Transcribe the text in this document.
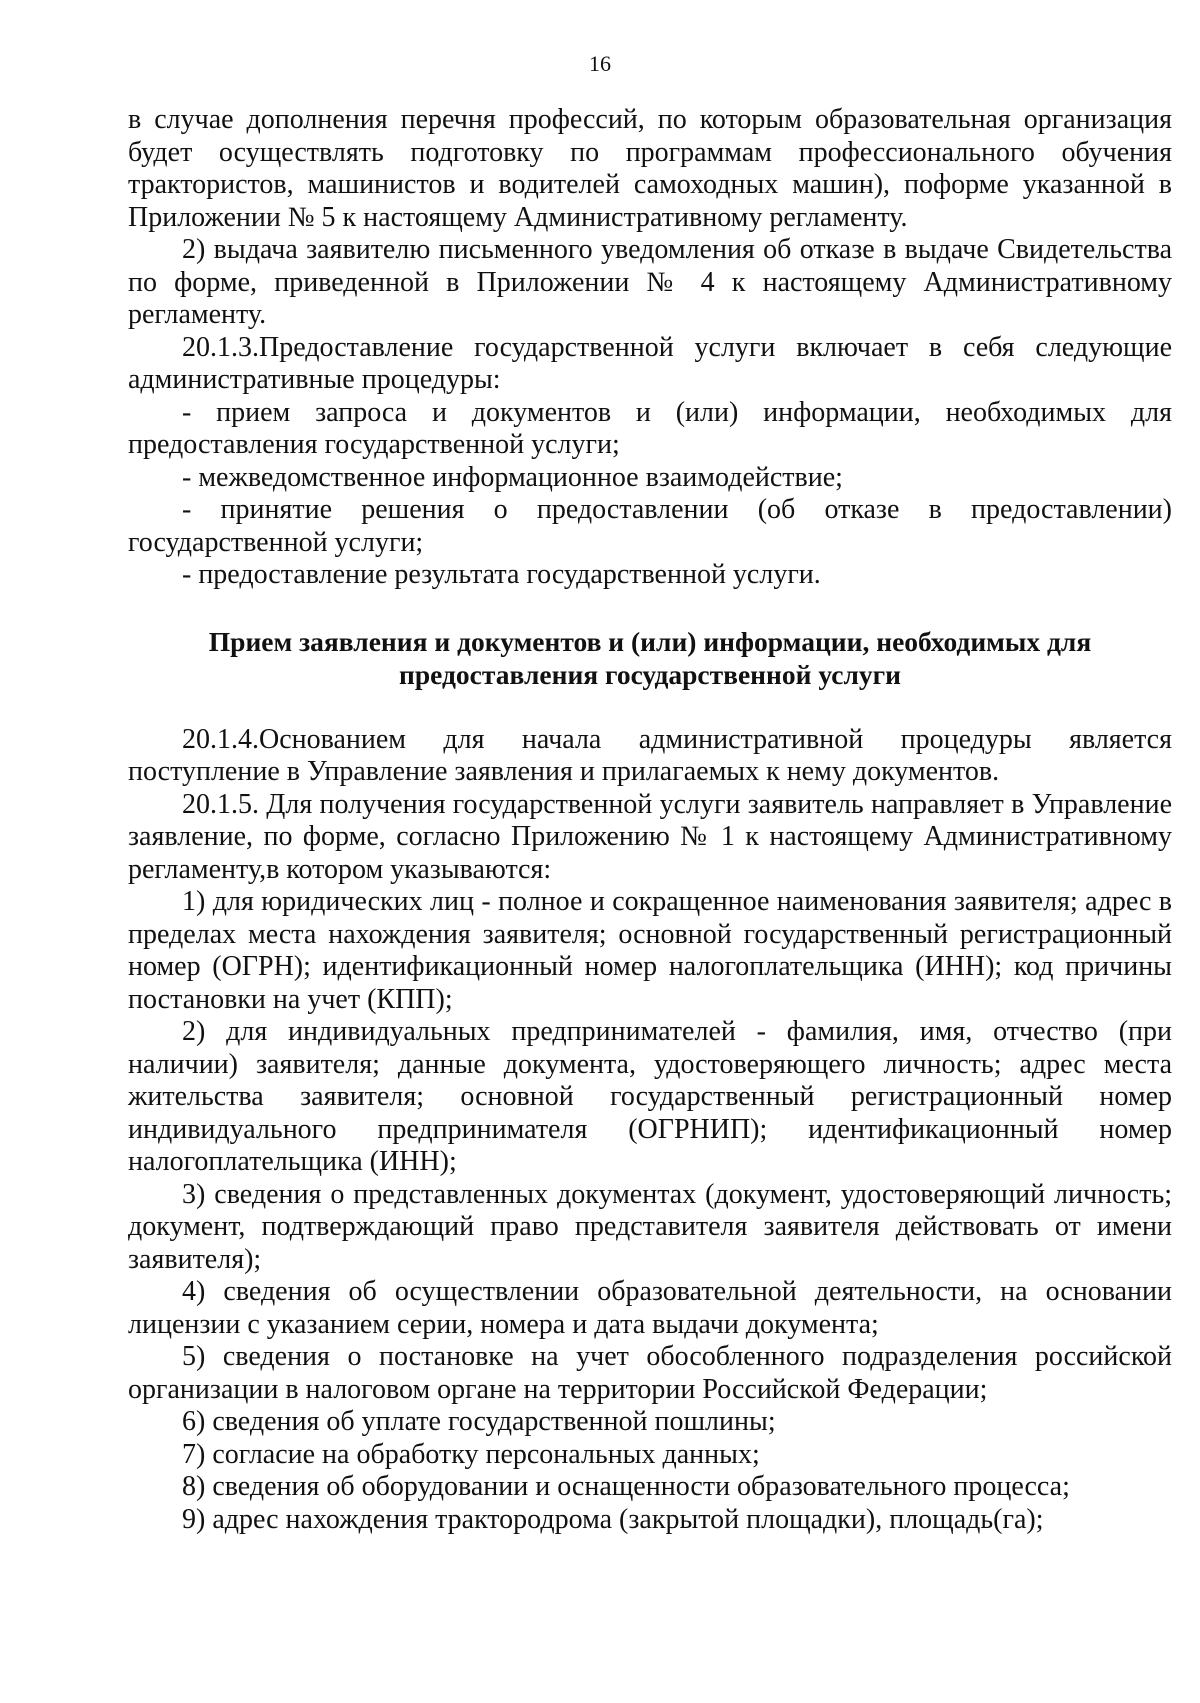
16

в случае дополнения перечня профессий, по которым образовательная организация будет осуществлять подготовку по программам профессионального обучения трактористов, машинистов и водителей самоходных машин), поформе указанной в Приложении № 5 к настоящему Административному регламенту.

2) выдача заявителю письменного уведомления об отказе в выдаче Свидетельства по форме, приведенной в Приложении № 4 к настоящему Административному регламенту.

20.1.3.Предоставление государственной услуги включает в себя следующие административные процедуры:

- прием запроса и документов и (или) информации, необходимых для предоставления государственной услуги;

- межведомственное информационное взаимодействие;

- принятие решения о предоставлении (об отказе в предоставлении) государственной услуги;

- предоставление результата государственной услуги.

Прием заявления и документов и (или) информации, необходимых для предоставления государственной услуги

20.1.4.Основанием для начала административной процедуры является поступление в Управление заявления и прилагаемых к нему документов.

20.1.5. Для получения государственной услуги заявитель направляет в Управление заявление, по форме, согласно Приложению № 1 к настоящему Административному регламенту,в котором указываются:

1) для юридических лиц - полное и сокращенное наименования заявителя; адрес в пределах места нахождения заявителя; основной государственный регистрационный номер (ОГРН); идентификационный номер налогоплательщика (ИНН); код причины постановки на учет (КПП);

2) для индивидуальных предпринимателей - фамилия, имя, отчество (при наличии) заявителя; данные документа, удостоверяющего личность; адрес места жительства заявителя; основной государственный регистрационный номер индивидуального предпринимателя (ОГРНИП); идентификационный номер налогоплательщика (ИНН);

3) сведения о представленных документах (документ, удостоверяющий личность; документ, подтверждающий право представителя заявителя действовать от имени заявителя);

4) сведения об осуществлении образовательной деятельности, на основании лицензии с указанием серии, номера и дата выдачи документа;

5) сведения о постановке на учет обособленного подразделения российской организации в налоговом органе на территории Российской Федерации;

6) сведения об уплате государственной пошлины;

7) согласие на обработку персональных данных;

8) сведения об оборудовании и оснащенности образовательного процесса;

9) адрес нахождения трактородрома (закрытой площадки), площадь(га);
